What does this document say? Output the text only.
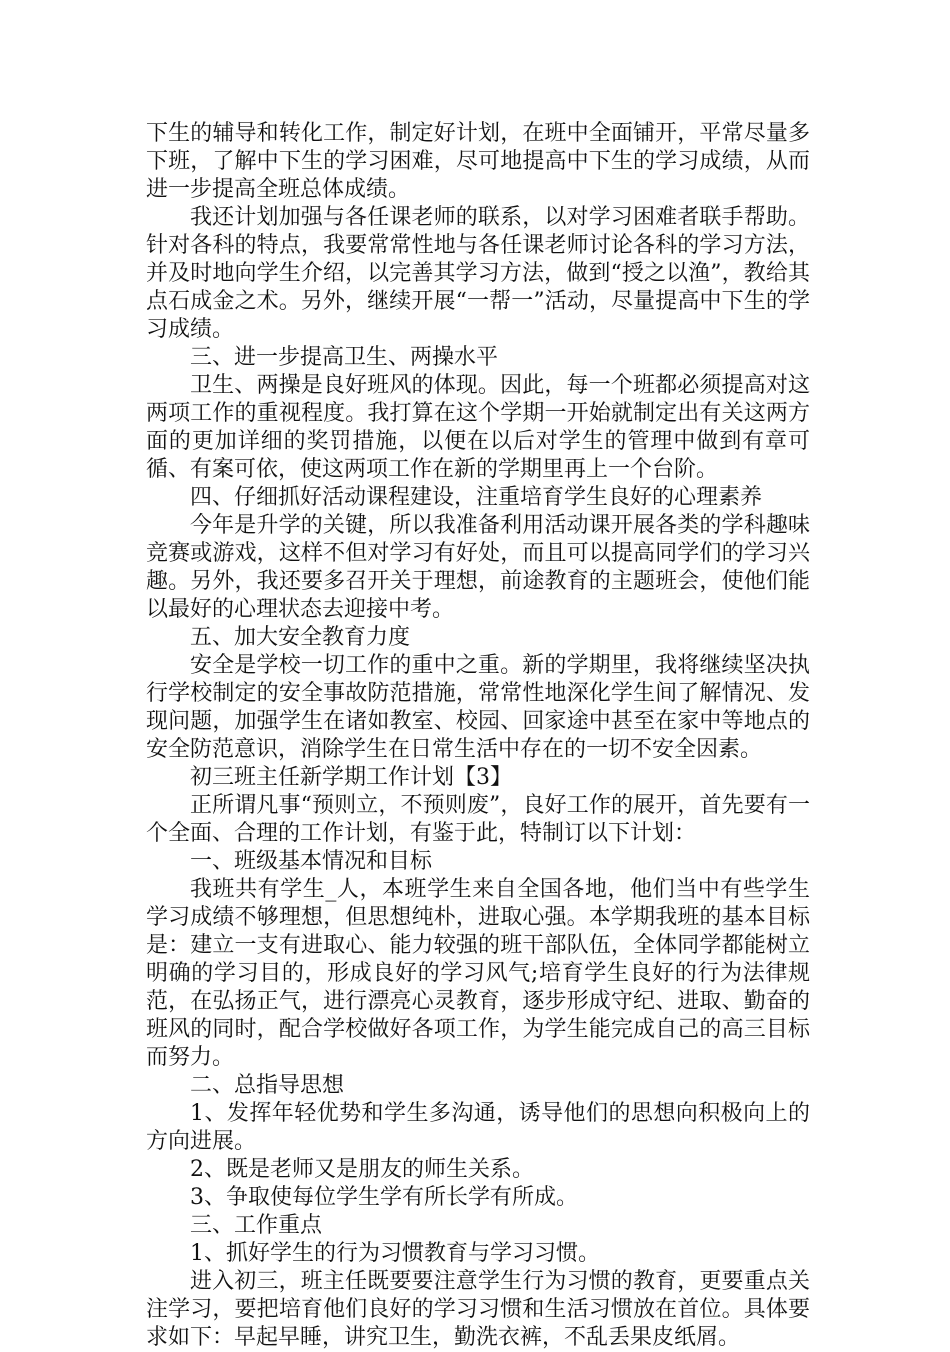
下生的辅导和转化工作，制定好计划，在班中全面铺开，平常尽量多下班，了解中下生的学习困难，尽可地提高中下生的学习成绩，从而进一步提高全班总体成绩。

我还计划加强与各任课老师的联系，以对学习困难者联手帮助。针对各科的特点，我要常常性地与各任课老师讨论各科的学习方法，并及时地向学生介绍，以完善其学习方法，做到“授之以渔”，教给其点石成金之术。另外，继续开展“一帮一”活动，尽量提高中下生的学习成绩。

三、进一步提高卫生、两操水平

卫生、两操是良好班风的体现。因此，每一个班都必须提高对这两项工作的重视程度。我打算在这个学期一开始就制定出有关这两方面的更加详细的奖罚措施，以便在以后对学生的管理中做到有章可循、有案可依，使这两项工作在新的学期里再上一个台阶。

四、仔细抓好活动课程建设，注重培育学生良好的心理素养

今年是升学的关键，所以我准备利用活动课开展各类的学科趣味竞赛或游戏，这样不但对学习有好处，而且可以提高同学们的学习兴趣。另外，我还要多召开关于理想，前途教育的主题班会，使他们能以最好的心理状态去迎接中考。

五、加大安全教育力度

安全是学校一切工作的重中之重。新的学期里，我将继续坚决执行学校制定的安全事故防范措施，常常性地深化学生间了解情况、发现问题，加强学生在诸如教室、校园、回家途中甚至在家中等地点的安全防范意识，消除学生在日常生活中存在的一切不安全因素。

初三班主任新学期工作计划【3】

正所谓凡事“预则立，不预则废”，良好工作的展开，首先要有一个全面、合理的工作计划，有鉴于此，特制订以下计划：

一、班级基本情况和目标

我班共有学生_人，本班学生来自全国各地，他们当中有些学生学习成绩不够理想，但思想纯朴，进取心强。本学期我班的基本目标是：建立一支有进取心、能力较强的班干部队伍，全体同学都能树立明确的学习目的，形成良好的学习风气;培育学生良好的行为法律规范，在弘扬正气，进行漂亮心灵教育，逐步形成守纪、进取、勤奋的班风的同时，配合学校做好各项工作，为学生能完成自己的高三目标而努力。

二、总指导思想

1、发挥年轻优势和学生多沟通，诱导他们的思想向积极向上的方向进展。

2、既是老师又是朋友的师生关系。

3、争取使每位学生学有所长学有所成。

三、工作重点

1、抓好学生的行为习惯教育与学习习惯。

进入初三，班主任既要要注意学生行为习惯的教育，更要重点关注学习，要把培育他们良好的学习习惯和生活习惯放在首位。具体要求如下：早起早睡，讲究卫生，勤洗衣裤，不乱丢果皮纸屑。
